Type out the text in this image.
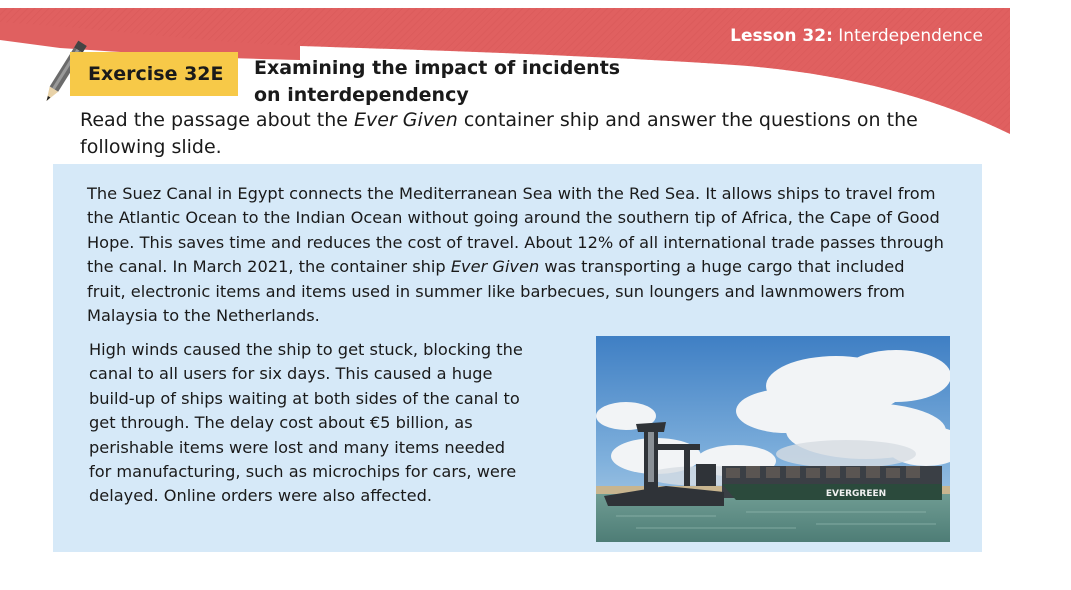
Lesson 32: Interdependence
Exercise 32E	Examining the impact of incidents
on interdependency
Read the passage about the Ever Given container ship and answer the questions on the following slide.
The Suez Canal in Egypt connects the Mediterranean Sea with the Red Sea. It allows ships to travel from the Atlantic Ocean to the Indian Ocean without going around the southern tip of Africa, the Cape of Good Hope. This saves time and reduces the cost of travel. About 12% of all international trade passes through the canal. In March 2021, the container ship Ever Given was transporting a huge cargo that included fruit, electronic items and items used in summer like barbecues, sun loungers and lawnmowers from Malaysia to the Netherlands.
High winds caused the ship to get stuck, blocking the canal to all users for six days. This caused a huge build-up of ships waiting at both sides of the canal to get through. The delay cost about €5 billion, as perishable items were lost and many items needed for manufacturing, such as microchips for cars, were delayed. Online orders were also affected.	EVERGREEN
